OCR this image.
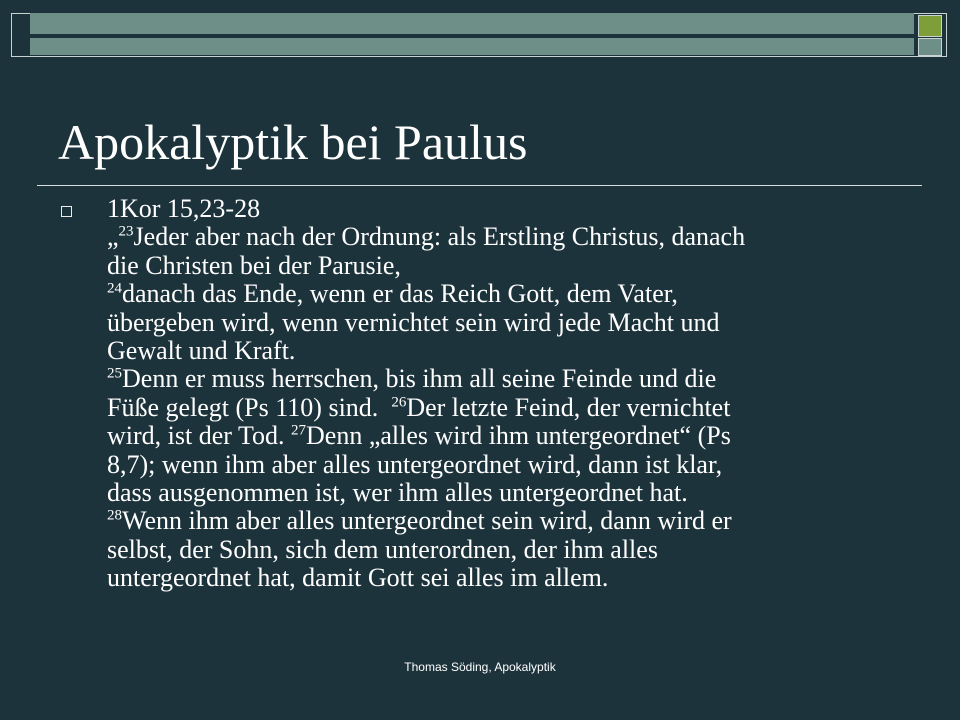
Apokalyptik bei Paulus
1Kor 15,23-28
„$^{23}$Jeder aber nach der Ordnung: als Erstling Christus, danach
die Christen bei der Parusie,
$^{24}$danach das Ende, wenn er das Reich Gott, dem Vater,
übergeben wird, wenn vernichtet sein wird jede Macht und
Gewalt und Kraft.
$^{25}$Denn er muss herrschen, bis ihm all seine Feinde und die
Füße gelegt (Ps 110) sind. $^{26}$Der letzte Feind, der vernichtet
wird, ist der Tod. $^{27}$Denn „alles wird ihm untergeordnet“ (Ps
8,7); wenn ihm aber alles untergeordnet wird, dann ist klar,
dass ausgenommen ist, wer ihm alles untergeordnet hat.
$^{28}$Wenn ihm aber alles untergeordnet sein wird, dann wird er
selbst, der Sohn, sich dem unterordnen, der ihm alles
untergeordnet hat, damit Gott sei alles im allem.
Thomas Söding, Apokalyptik
